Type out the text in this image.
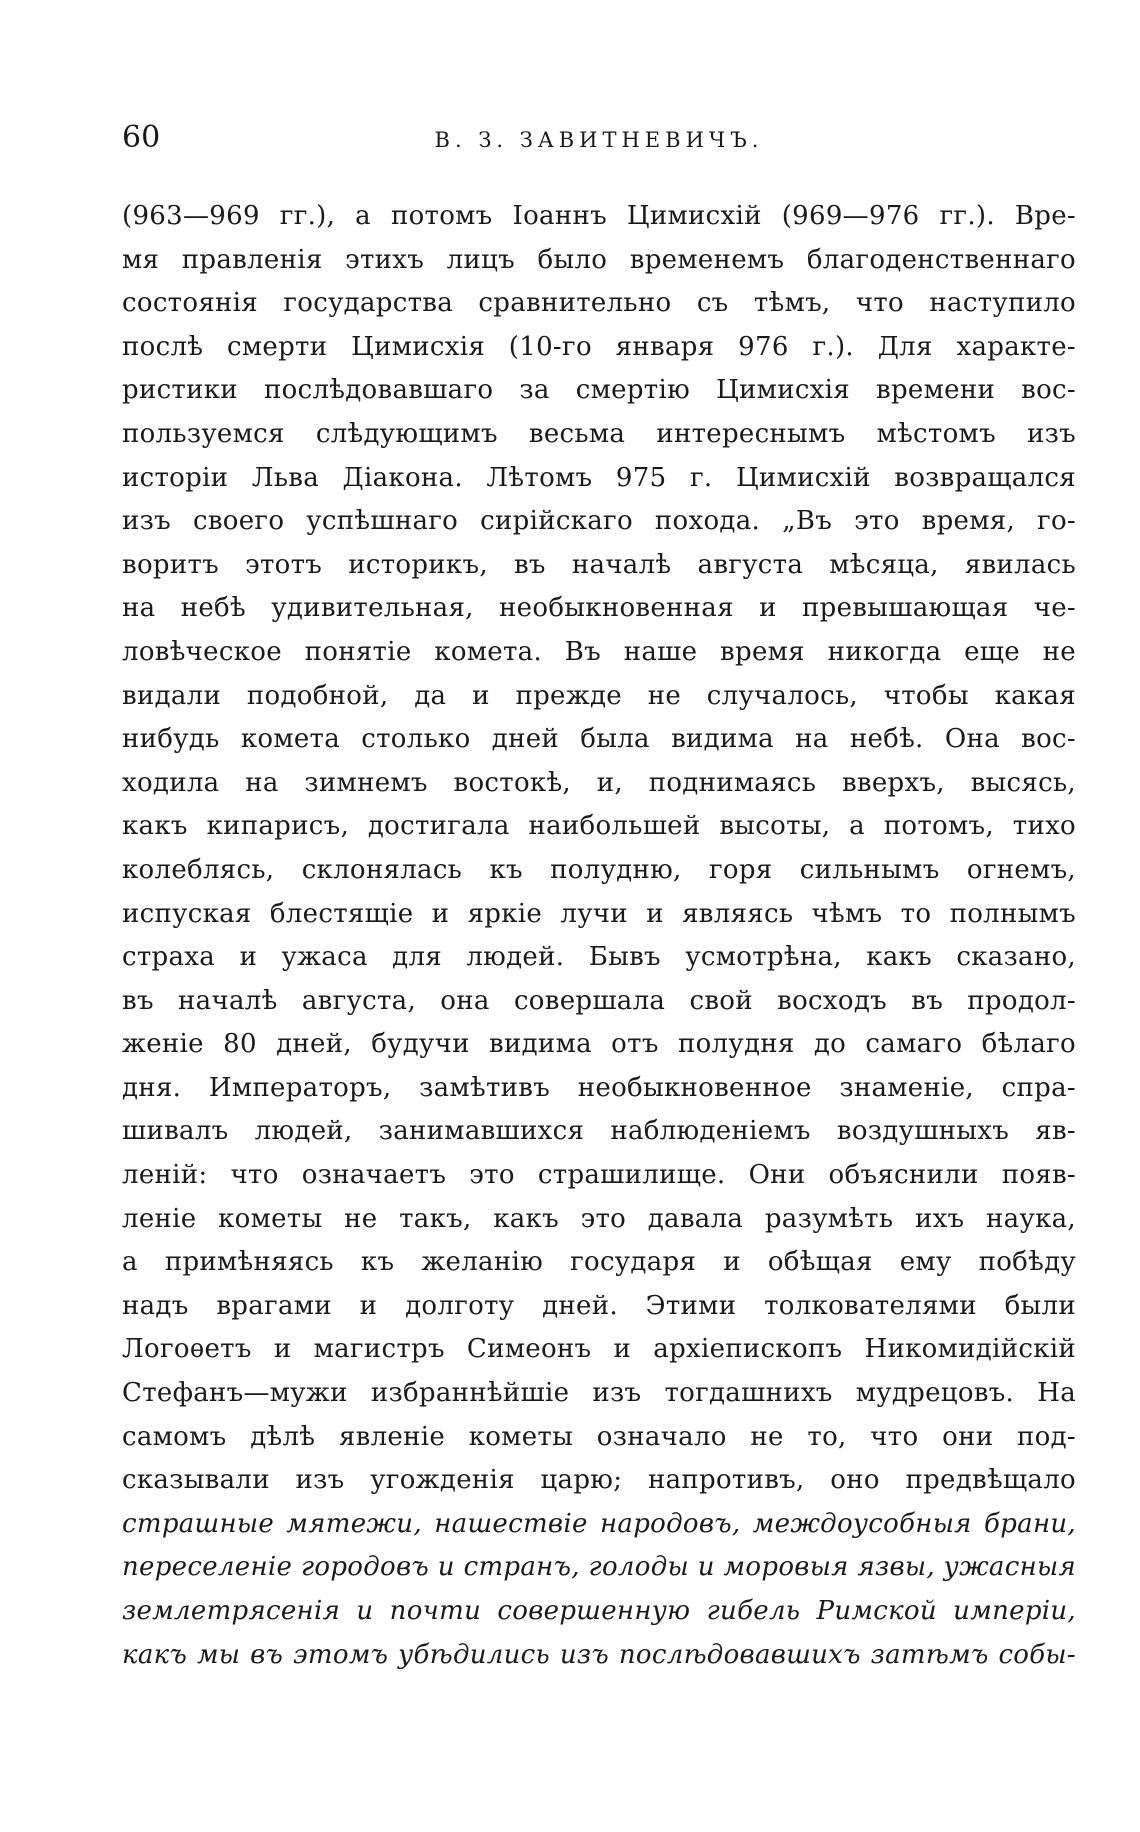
60	В. З. ЗАВИТНЕВИЧЪ.
(963—969 гг.), а потомъ Іоаннъ Цимисхій (969—976 гг.). Вре-
мя правленія этихъ лицъ было временемъ благоденственнаго
состоянія государства сравнительно съ тѣмъ, что наступило
послѣ смерти Цимисхія (10-го января 976 г.). Для характе-
ристики послѣдовавшаго за смертію Цимисхія времени вос-
пользуемся слѣдующимъ весьма интереснымъ мѣстомъ изъ
исторіи Льва Діакона. Лѣтомъ 975 г. Цимисхій возвращался
изъ своего успѣшнаго сирійскаго похода. „Въ это время, го-
воритъ этотъ историкъ, въ началѣ августа мѣсяца, явилась
на небѣ удивительная, необыкновенная и превышающая че-
ловѣческое понятіе комета. Въ наше время никогда еще не
видали подобной, да и прежде не случалось, чтобы какая
нибудь комета столько дней была видима на небѣ. Она вос-
ходила на зимнемъ востокѣ, и, поднимаясь вверхъ, высясь,
какъ кипарисъ, достигала наибольшей высоты, а потомъ, тихо
колеблясь, склонялась къ полудню, горя сильнымъ огнемъ,
испуская блестящіе и яркіе лучи и являясь чѣмъ то полнымъ
страха и ужаса для людей. Бывъ усмотрѣна, какъ сказано,
въ началѣ августа, она совершала свой восходъ въ продол-
женіе 80 дней, будучи видима отъ полудня до самаго бѣлаго
дня. Императоръ, замѣтивъ необыкновенное знаменіе, спра-
шивалъ людей, занимавшихся наблюденіемъ воздушныхъ яв-
леній: что означаетъ это страшилище. Они объяснили появ-
леніе кометы не такъ, какъ это давала разумѣть ихъ наука,
а примѣняясь къ желанію государя и обѣщая ему побѣду
надъ врагами и долготу дней. Этими толкователями были
Логоѳетъ и магистръ Симеонъ и архіепископъ Никомидійскій
Стефанъ—мужи избраннѣйшіе изъ тогдашнихъ мудрецовъ. На
самомъ дѣлѣ явленіе кометы означало не то, что они под-
сказывали изъ угожденія царю; напротивъ, оно предвѣщало
страшные мятежи, нашествіе народовъ, междоусобныя брани,
переселеніе городовъ и странъ, голоды и моровыя язвы, ужасныя
землетрясенія и почти совершенную гибель Римской имперіи,
какъ мы въ этомъ убѣдились изъ послѣдовавшихъ затѣмъ собы-
